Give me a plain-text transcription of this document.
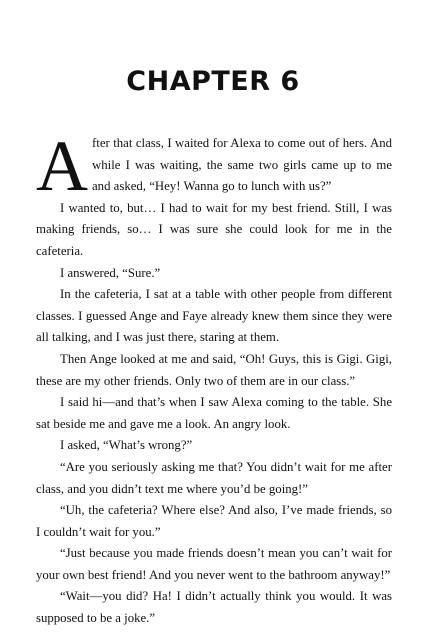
CHAPTER 6

After that class, I waited for Alexa to come out of hers. And while I was waiting, the same two girls came up to me and asked, “Hey! Wanna go to lunch with us?”

I wanted to, but… I had to wait for my best friend. Still, I was making friends, so… I was sure she could look for me in the cafeteria.

I answered, “Sure.”

In the cafeteria, I sat at a table with other people from different classes. I guessed Ange and Faye already knew them since they were all talking, and I was just there, staring at them.

Then Ange looked at me and said, “Oh! Guys, this is Gigi. Gigi, these are my other friends. Only two of them are in our class.”

I said hi—and that’s when I saw Alexa coming to the table. She sat beside me and gave me a look. An angry look.

I asked, “What’s wrong?”

“Are you seriously asking me that? You didn’t wait for me after class, and you didn’t text me where you’d be going!”

“Uh, the cafeteria? Where else? And also, I’ve made friends, so I couldn’t wait for you.”

“Just because you made friends doesn’t mean you can’t wait for your own best friend! And you never went to the bathroom anyway!”

“Wait—you did? Ha! I didn’t actually think you would. It was supposed to be a joke.”
